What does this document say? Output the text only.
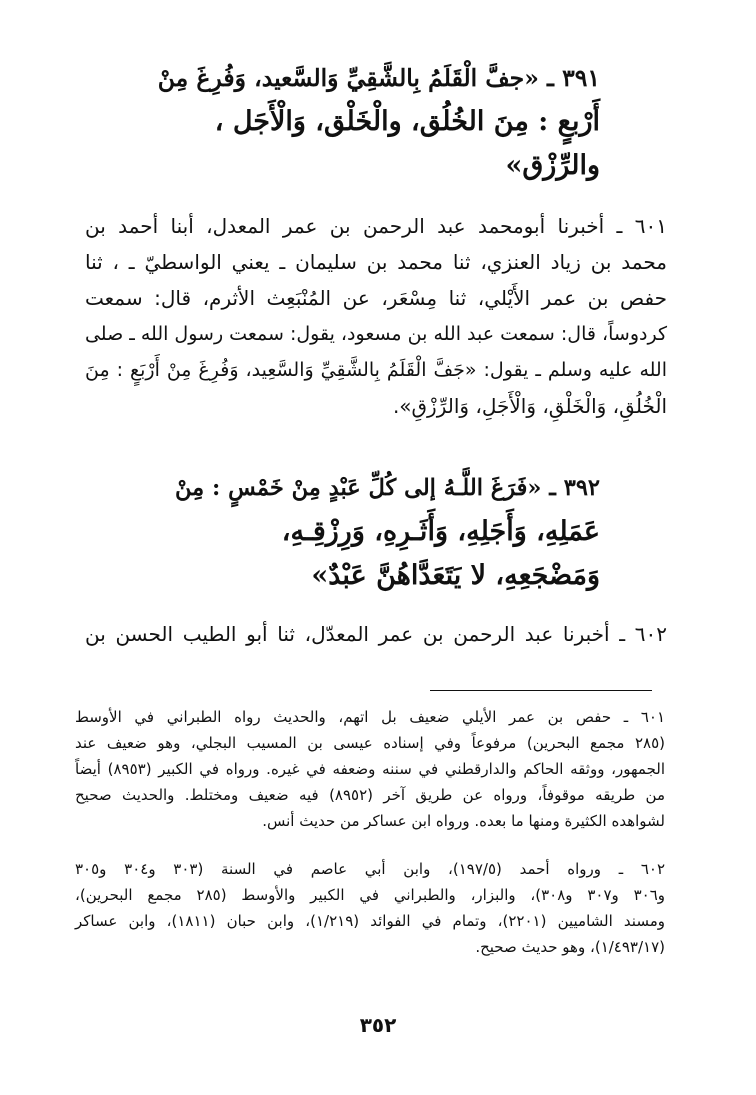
٣٩١ ـ «جفَّ الْقَلَمُ بِالشَّقِيِّ وَالسَّعيد، وَفُرِغَ مِنْ
أَرْبعٍ : مِنَ الخُلُق، والْخَلْق، وَالْأَجَل ،
والرِّزْق»
٦٠١ ـ أخبرنا أبومحمد عبد الرحمن بن عمر المعدل، أبنا أحمد بن
محمد بن زياد العنزي، ثنا محمد بن سليمان ـ يعني الواسطيّ ـ ، ثنا
حفص بن عمر الأَيْلي، ثنا مِسْعَر، عن المُنْبَعِث الأثرم، قال: سمعت
كردوساً، قال: سمعت عبد الله بن مسعود، يقول: سمعت رسول الله ـ صلى
الله عليه وسلم ـ يقول: «جَفَّ الْقَلَمُ بِالشَّقِيِّ وَالسَّعِيد، وَفُرِغَ مِنْ أَرْبَعٍ : مِنَ
الْخُلُقِ، وَالْخَلْقِ، وَالْأَجَلِ، وَالرِّزْقِ».
٣٩٢ ـ «فَرَغَ اللَّـهُ إلى كُلِّ عَبْدٍ مِنْ خَمْسٍ : مِنْ
عَمَلِهِ، وَأَجَلِهِ، وَأَثَـرِهِ، وَرِزْقِـهِ،
وَمَضْجَعِهِ، لا يَتَعَدَّاهُنَّ عَبْدٌ»
٦٠٢ ـ أخبرنا عبد الرحمن بن عمر المعدّل، ثنا أبو الطيب الحسن بن
٦٠١ ـ حفص بن عمر الأيلي ضعيف بل اتهم، والحديث رواه الطبراني في الأوسط
(٢٨٥ مجمع البحرين) مرفوعاً وفي إسناده عيسى بن المسيب البجلي، وهو ضعيف عند
الجمهور، ووثقه الحاكم والدارقطني في سننه وضعفه في غيره. ورواه في الكبير (٨٩٥٣) أيضاً
من طريقه موقوفاً، ورواه عن طريق آخر (٨٩٥٢) فيه ضعيف ومختلط. والحديث صحيح
لشواهده الكثيرة ومنها ما بعده. ورواه ابن عساكر من حديث أنس.
٦٠٢ ـ ورواه أحمد (١٩٧/٥)، وابن أبي عاصم في السنة (٣٠٣ و٣٠٤ و٣٠٥
و٣٠٦ و٣٠٧ و٣٠٨)، والبزار، والطبراني في الكبير والأوسط (٢٨٥ مجمع البحرين)،
ومسند الشاميين (٢٢٠١)، وتمام في الفوائد (١/٢١٩)، وابن حبان (١٨١١)، وابن عساكر
(١/٤٩٣/١٧)، وهو حديث صحيح.
٣٥٢
